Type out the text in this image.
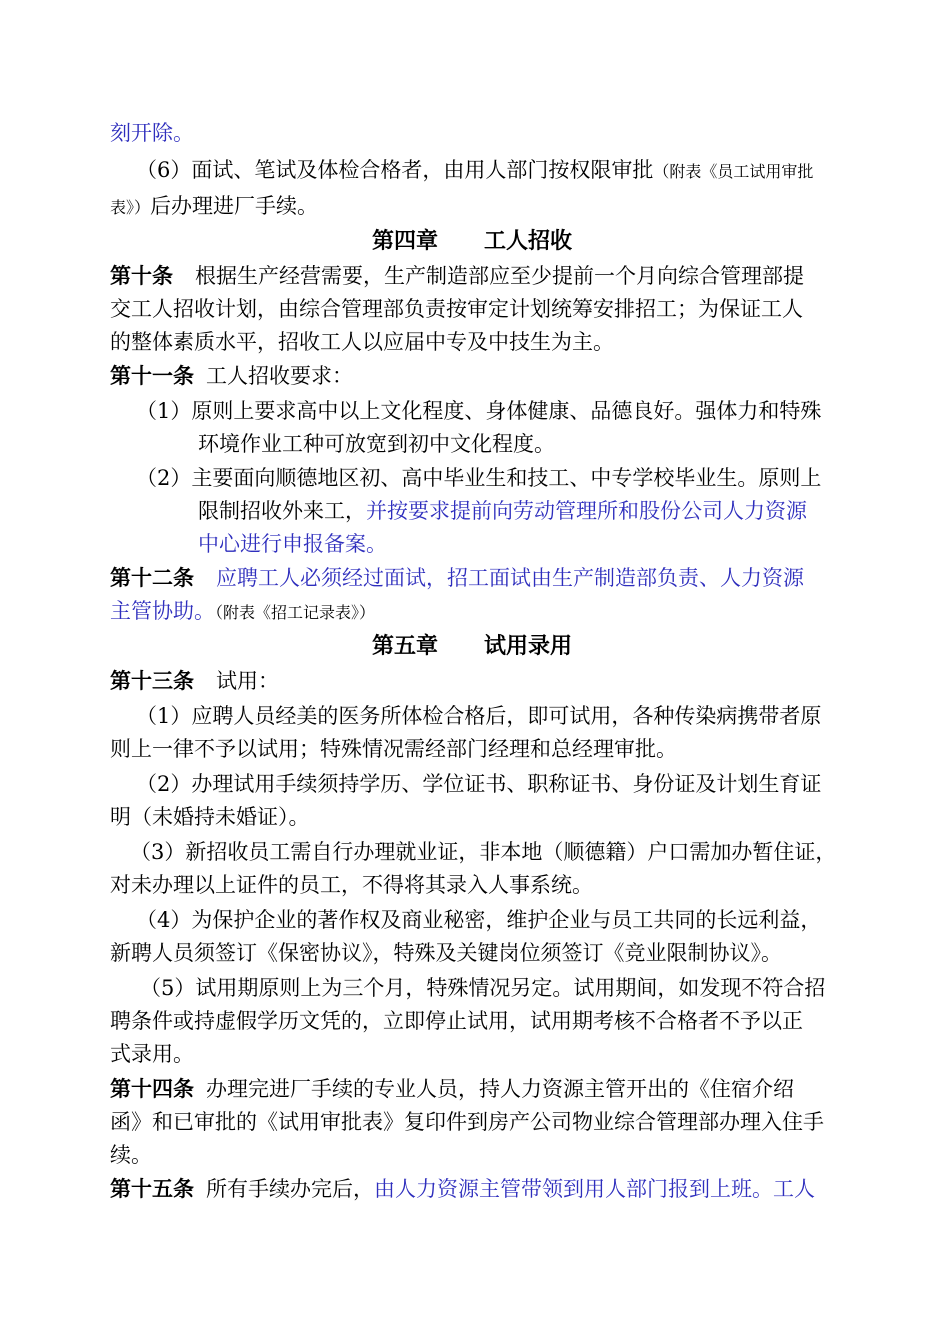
刻开除。
（6）面试、笔试及体检合格者，由用人部门按权限审批（附表《员工试用审批
表》）后办理进厂手续。
第四章 工人招收
第十条 根据生产经营需要，生产制造部应至少提前一个月向综合管理部提
交工人招收计划，由综合管理部负责按审定计划统筹安排招工；为保证工人
的整体素质水平，招收工人以应届中专及中技生为主。
第十一条 工人招收要求：
（1）原则上要求高中以上文化程度、身体健康、品德良好。强体力和特殊
环境作业工种可放宽到初中文化程度。
（2）主要面向顺德地区初、高中毕业生和技工、中专学校毕业生。原则上
限制招收外来工，并按要求提前向劳动管理所和股份公司人力资源
中心进行申报备案。
第十二条 应聘工人必须经过面试，招工面试由生产制造部负责、人力资源
主管协助。（附表《招工记录表》）
第五章 试用录用
第十三条 试用：
（1）应聘人员经美的医务所体检合格后，即可试用，各种传染病携带者原
则上一律不予以试用；特殊情况需经部门经理和总经理审批。
（2）办理试用手续须持学历、学位证书、职称证书、身份证及计划生育证
明（未婚持未婚证）。
（3）新招收员工需自行办理就业证，非本地（顺德籍）户口需加办暂住证，
对未办理以上证件的员工，不得将其录入人事系统。
（4）为保护企业的著作权及商业秘密，维护企业与员工共同的长远利益，
新聘人员须签订《保密协议》，特殊及关键岗位须签订《竞业限制协议》。
（5）试用期原则上为三个月，特殊情况另定。试用期间，如发现不符合招
聘条件或持虚假学历文凭的，立即停止试用，试用期考核不合格者不予以正
式录用。
第十四条 办理完进厂手续的专业人员，持人力资源主管开出的《住宿介绍
函》和已审批的《试用审批表》复印件到房产公司物业综合管理部办理入住手
续。
第十五条 所有手续办完后，由人力资源主管带领到用人部门报到上班。工人
